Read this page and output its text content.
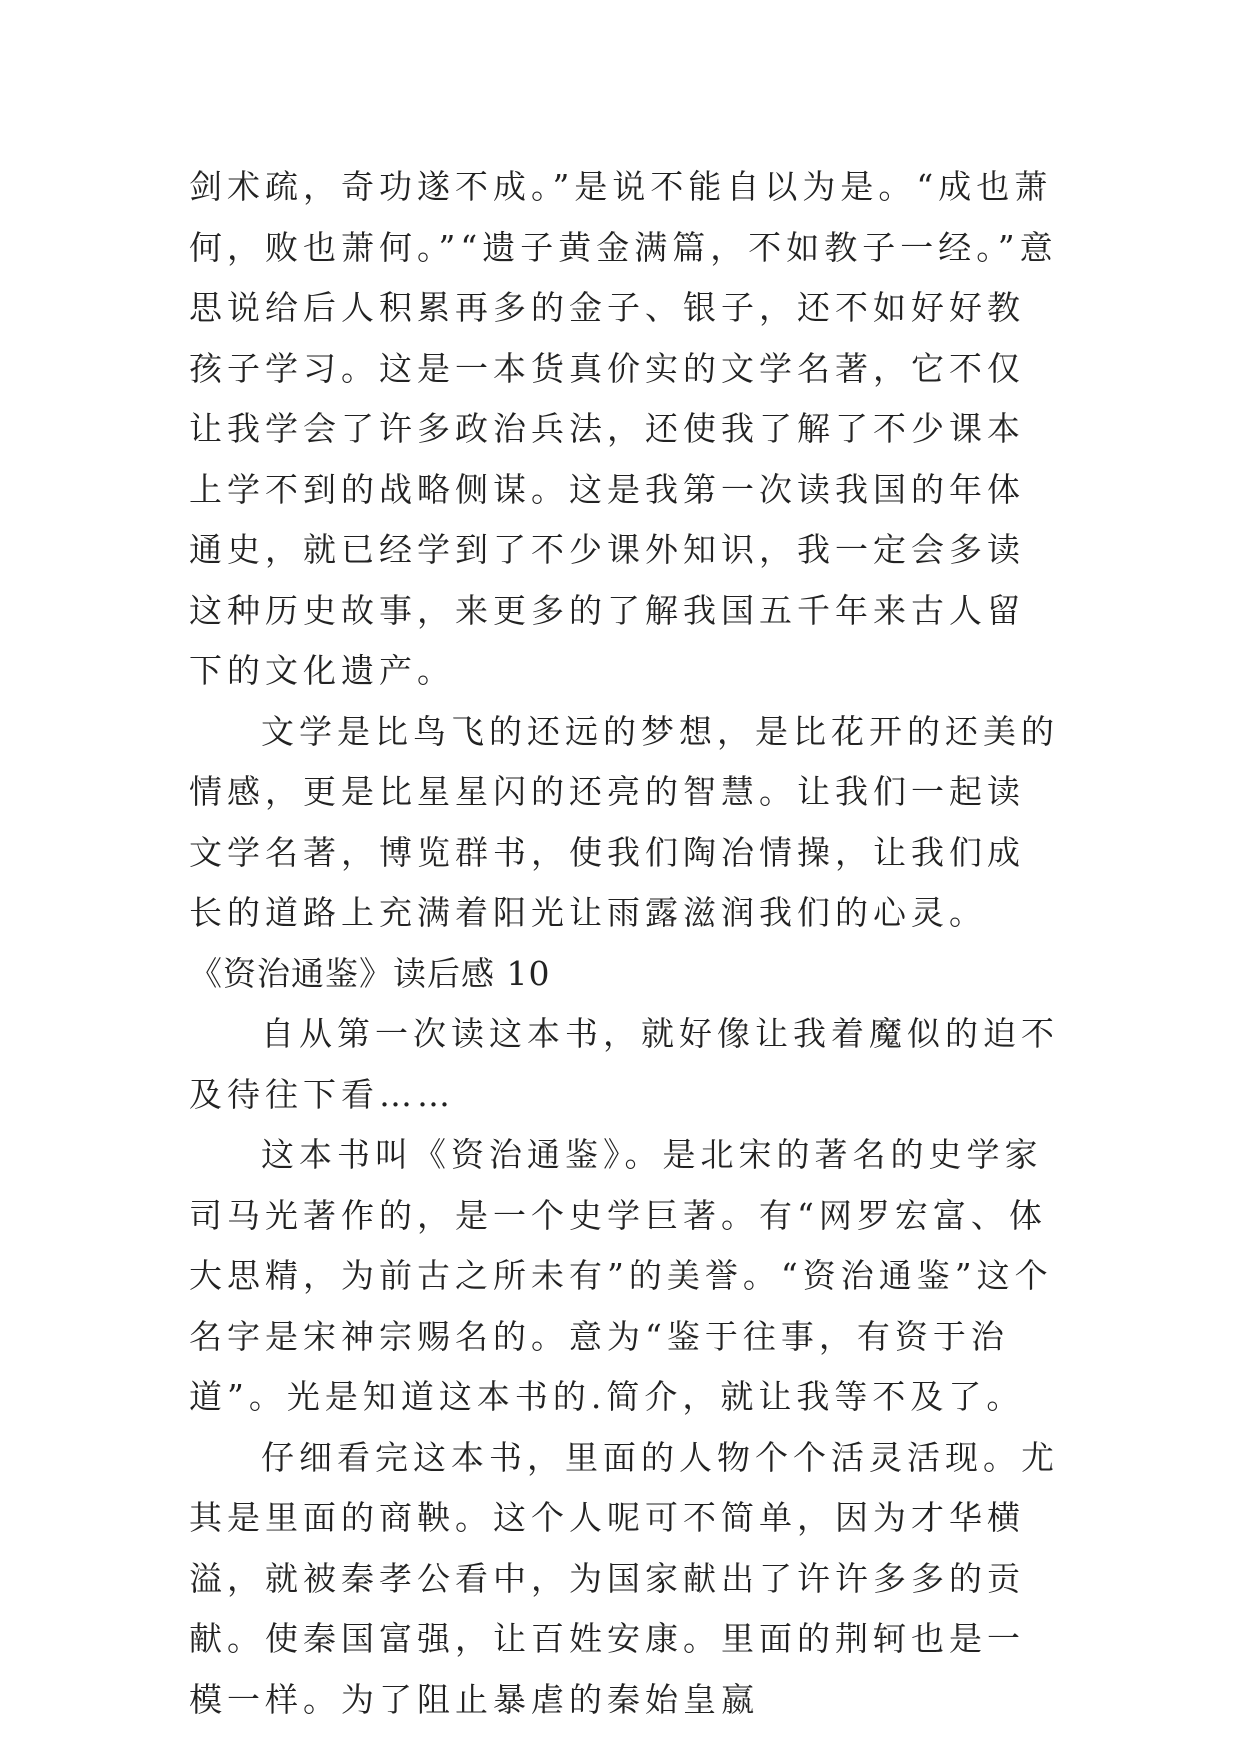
剑术疏，奇功遂不成。”是说不能自以为是。“成也萧何，败也萧何。”“遗子黄金满篇，不如教子一经。”意思说给后人积累再多的金子、银子，还不如好好教孩子学习。这是一本货真价实的文学名著，它不仅让我学会了许多政治兵法，还使我了解了不少课本上学不到的战略侧谋。这是我第一次读我国的年体通史，就已经学到了不少课外知识，我一定会多读这种历史故事，来更多的了解我国五千年来古人留下的文化遗产。

文学是比鸟飞的还远的梦想，是比花开的还美的情感，更是比星星闪的还亮的智慧。让我们一起读文学名著，博览群书，使我们陶冶情操，让我们成长的道路上充满着阳光让雨露滋润我们的心灵。

《资治通鉴》读后感 10

自从第一次读这本书，就好像让我着魔似的迫不及待往下看……

这本书叫《资治通鉴》。是北宋的著名的史学家司马光著作的，是一个史学巨著。有“网罗宏富、体大思精，为前古之所未有”的美誉。“资治通鉴”这个名字是宋神宗赐名的。意为“鉴于往事，有资于治道”。光是知道这本书的.简介，就让我等不及了。

仔细看完这本书，里面的人物个个活灵活现。尤其是里面的商鞅。这个人呢可不简单，因为才华横溢，就被秦孝公看中，为国家献出了许许多多的贡献。使秦国富强，让百姓安康。里面的荆轲也是一模一样。为了阻止暴虐的秦始皇嬴
